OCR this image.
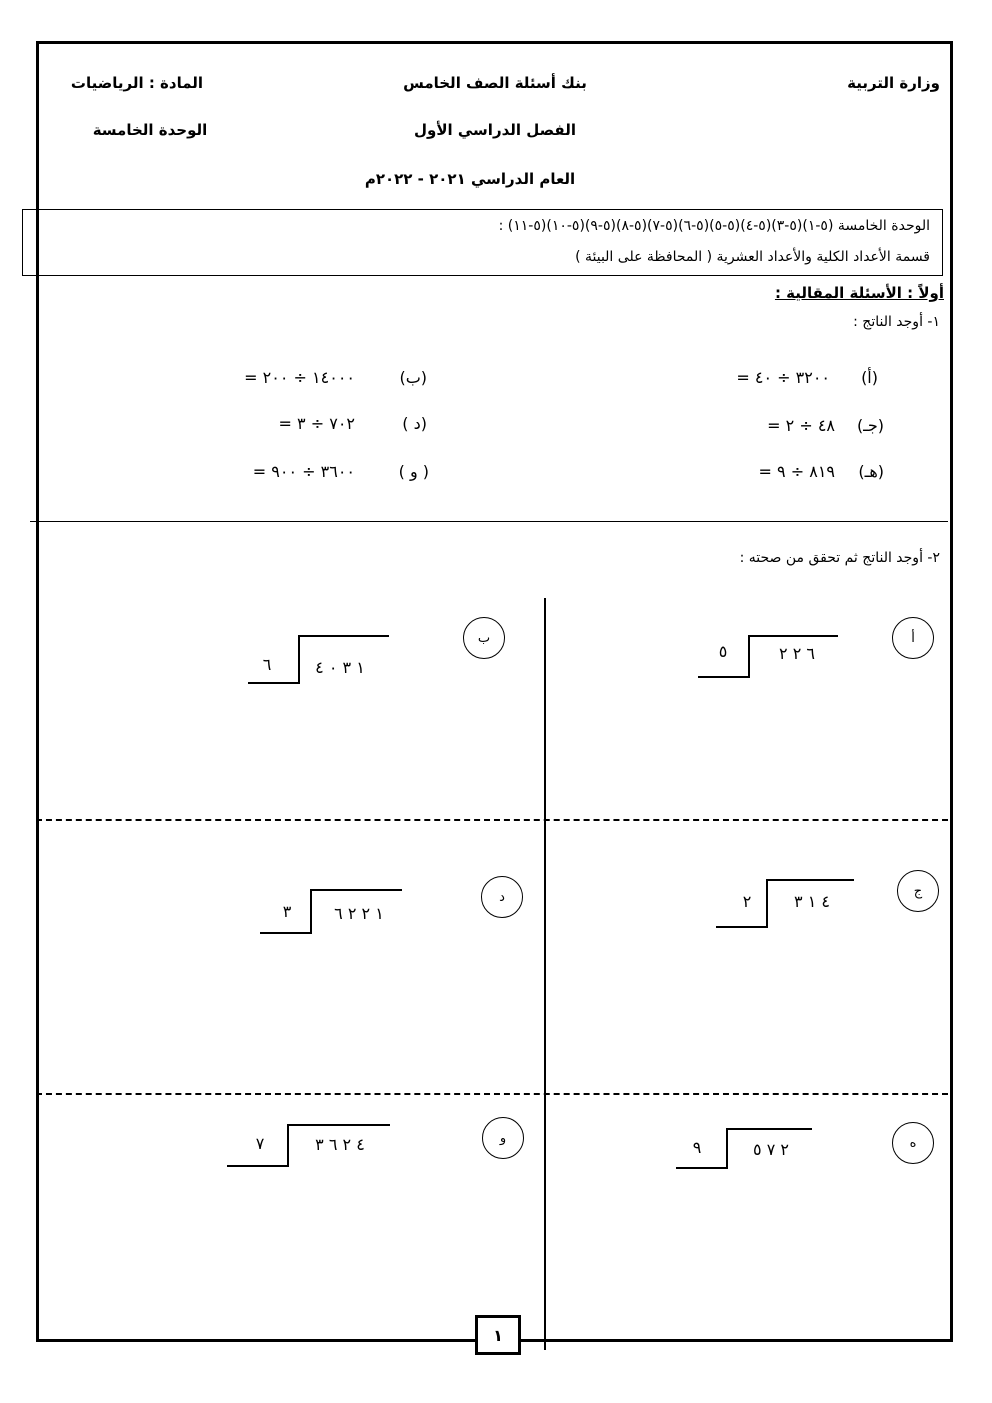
وزارة التربية
بنك أسئلة الصف الخامس
المادة : الرياضيات
الفصل الدراسي الأول
الوحدة الخامسة
العام الدراسي ٢٠٢١ - ٢٠٢٢م
الوحدة الخامسة (٥-١)(٥-٣)(٥-٤)(٥-٥)(٥-٦)(٥-٧)(٥-٨)(٥-٩)(٥-١٠)(٥-١١) :
قسمة الأعداد الكلية والأعداد العشرية ( المحافظة على البيئة )
أولاً : الأسئلة المقالية :
١- أوجد الناتج :
(أ)
٣٢٠٠ ÷ ٤٠ =
(جـ)
٤٨ ÷ ٢ =
(هـ)
٨١٩ ÷ ٩ =
(ب)
١٤٠٠٠ ÷ ٢٠٠ =
(د )
٧٠٢ ÷ ٣ =
( و )
٣٦٠٠ ÷ ٩٠٠ =
٢- أوجد الناتج ثم تحقق من صحته :
أ
٦ ٢ ٢
٥
ب
١ ٣ ٠ ٤
٦
ج
٤ ١ ٣
٢
د
١ ٢ ٢ ٦
٣
ه
٢ ٧ ٥
٩
و
٤ ٢ ٦ ٣
٧
١
